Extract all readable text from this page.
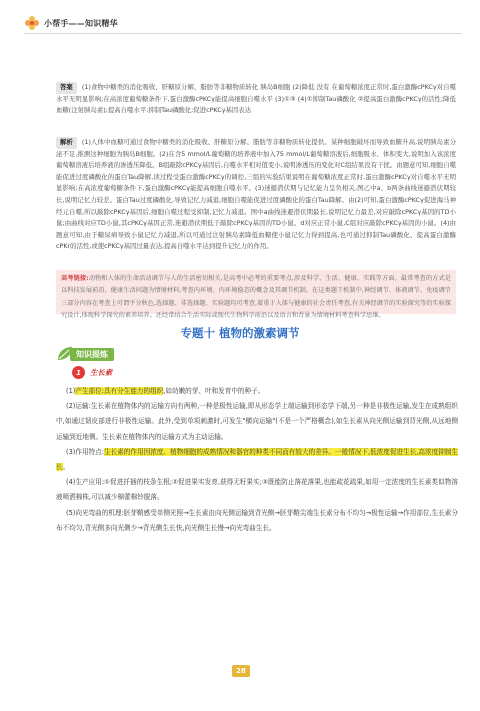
小帮手——知识精华
答案 (1)食物中糖类的消化吸收、肝糖原分解、脂肪等非糖物质转化 胰岛B细胞 (2)降低 没有 在葡萄糖浓度正常时,蛋白激酶cPKCγ对自噬水平无明显影响;在高浓度葡萄糖条件下,蛋白激酶cPKCγ能提高细胞自噬水平 (3)①③ (4)①抑制Tau磷酸化 ②提高蛋白激酶cPKCγ的活性;降低血糖(注射胰岛素);提高自噬水平;抑制Tau磷酸化;促进cPKCγ基因表达
解析 (1)人体中血糖可通过食物中糖类的消化吸收、肝糖原分解、脂肪等非糖物质转化提供。某种细胞破坏而导致血糖升高,说明胰岛素分泌不足,推测这种细胞为胰岛B细胞。(2)在含5 mmol/L葡萄糖的培养液中加入75 mmol/L葡萄糖溶液后,细胞吸水、体积变大,说明加入该浓度葡萄糖溶液后培养液的渗透压降低。B组敲除cPKCγ基因后,自噬水平相对值变小,说明渗透压的变化对C组结果没有干扰。由题意可知,细胞自噬能促进过度磷酸化的蛋白Tau降解,读过程受蛋白激酶cPKCγ的调控,三组的实验结果说明在葡萄糖浓度正常时,蛋白激酶cPKCγ对自噬水平无明显影响;在高浓度葡萄糖条件下,蛋白激酶cPKCγ能提高细胞自噬水平。(3)迷避潜伏期与记忆能力呈负相关,图乙中a、b两条曲线迷避潜伏期较长,说明记忆力较差。蛋白Tau过度磷酸化,导致记忆力减退,细胞自噬能促进过度磷酸化的蛋白Tau降解。由(2)可知,蛋白激酶cPKCγ促进海马神经元自噬,所以敲除cPKCγ基因后,细胞自噬过程受抑制,记忆力减退。图中a曲线迷避潜伏期最长,说明记忆力最差,对应敲除cPKCγ基因的TD小鼠;由曲线对应TD小鼠,其cPKCγ基因正常,迷避潜伏期低于敲除cPKCγ基因的TD小鼠。d对应正常小鼠,C组对应敲除cPKCγ基因的小鼠。(4)由题意可知,由于糖尿病导致小鼠记忆力减退,所以可通过注射胰岛素降低血糖使小鼠记忆力得到提高,也可通过抑制Tau磷酸化、提高蛋白激酶cPKr的活性,或使cPKCγ基因过量表达,提高自噬水平达到提升记忆力的作用。
高考链接:动物和人体的生命活动调节与人的生活密切相关,是高考中必考的重要考点,涉及科学、生活、健康、实践等方面。最常考查的方式是以科技发展前沿、健康生活问题为情境材料,考查内环境、内环境稳态的概念及其调节机制。在这类题干机制中,神经调节、体液调节、免疫调节三部分内容在考查上可谓平分秋色,选择题、非选择题、实验题均可考查,着重于人体与健康的社会责任考查,有关神经调节的实验探究等的实验探究设计,体现科学探究的素养培养。还经常结合生活实际或现代生物科学前沿以及语言和背景为情境材料考查科学思维。
专题十 植物的激素调节
知识提炼
1	生长素

(1)产生部位:具有分生能力的组织,如幼嫩的芽、叶和发育中的种子。

(2)运输:生长素在植物体内的运输方向有两种,一种是极性运输,即从形态学上端运输到形态学下端,另一种是非极性运输,发生在成熟组织中,如通过韧皮部进行非极性运输。此外,受到单项刺激时,可发生"横向运输"(不是一个严格概念),如生长素从向光侧运输到背光侧,从远地侧运输到近地侧。生长素在植物体内的运输方式为主动运输。

(3)作用特点:生长素的作用因浓度、植物细胞的成熟情况和器官的种类不同而有较大的差异。一般情况下,低浓度促进生长,高浓度抑制生长。

(4)生产应用:①促进扦插的枝条生根;②促进果实发育,获得无籽果实;③既能防止落花落果,也能疏花疏果,如用一定浓度的生长素类似物溶液喷洒棉株,可以减少棉蕾棉铃脱落。

(5)向光弯曲的机理:胚芽鞘感受单侧光照→生长素由向光侧运输到背光侧→胚芽鞘尖端生长素分布不均匀→极性运输→作用部位,生长素分布不均匀,背光侧多向光侧少→背光侧生长快,向光侧生长慢→向光弯曲生长。

28
